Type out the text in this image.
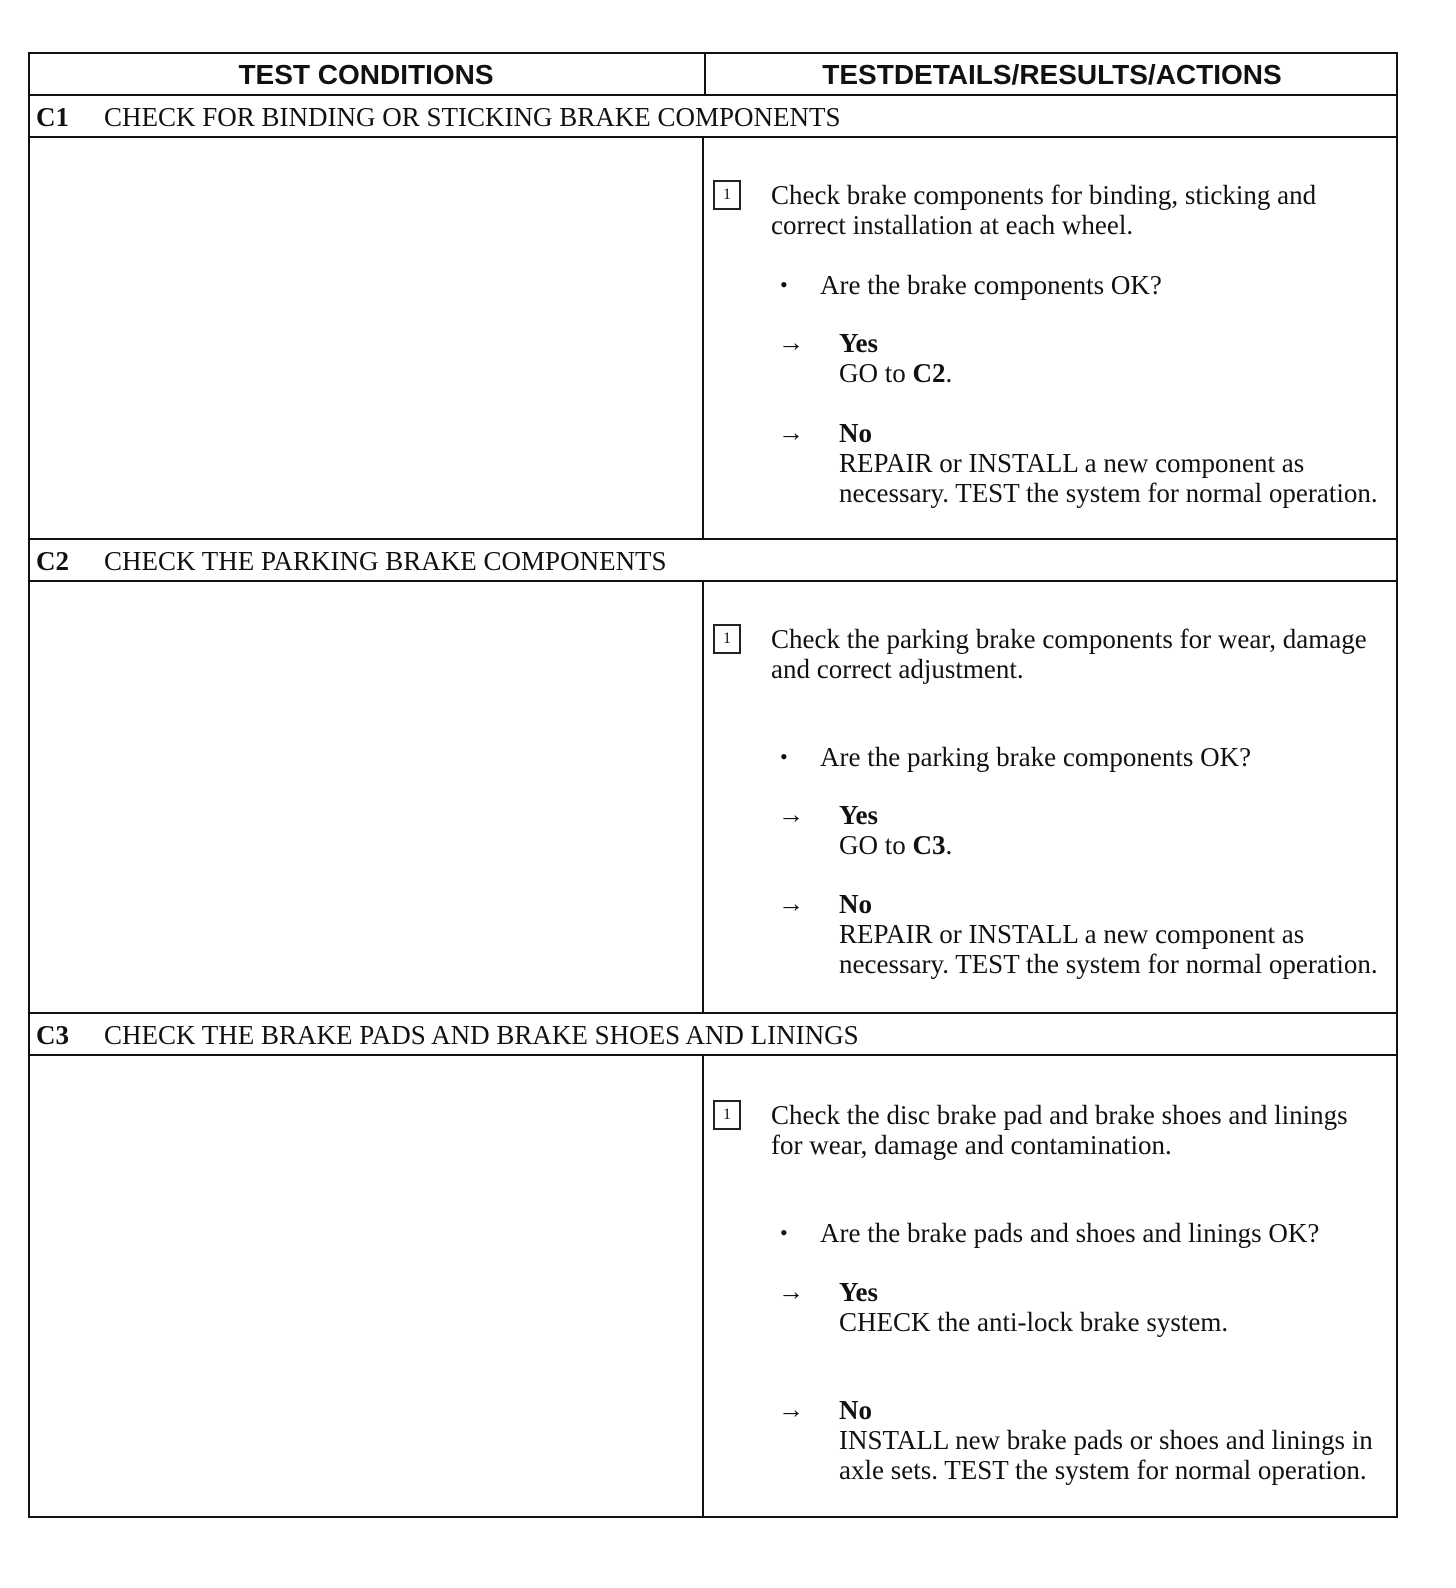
TEST CONDITIONS	TESTDETAILS/RESULTS/ACTIONS
C1 CHECK FOR BINDING OR STICKING BRAKE COMPONENTS
1	Check brake components for binding, sticking and correct installation at each wheel.
• Are the brake components OK?
→ Yes
GO to C2.
→ No
REPAIR or INSTALL a new component as necessary. TEST the system for normal operation.
C2 CHECK THE PARKING BRAKE COMPONENTS
1	Check the parking brake components for wear, damage and correct adjustment.
• Are the parking brake components OK?
→ Yes
GO to C3.
→ No
REPAIR or INSTALL a new component as necessary. TEST the system for normal operation.
C3 CHECK THE BRAKE PADS AND BRAKE SHOES AND LININGS
1	Check the disc brake pad and brake shoes and linings for wear, damage and contamination.
• Are the brake pads and shoes and linings OK?
→ Yes
CHECK the anti-lock brake system.
→ No
INSTALL new brake pads or shoes and linings in axle sets. TEST the system for normal operation.
